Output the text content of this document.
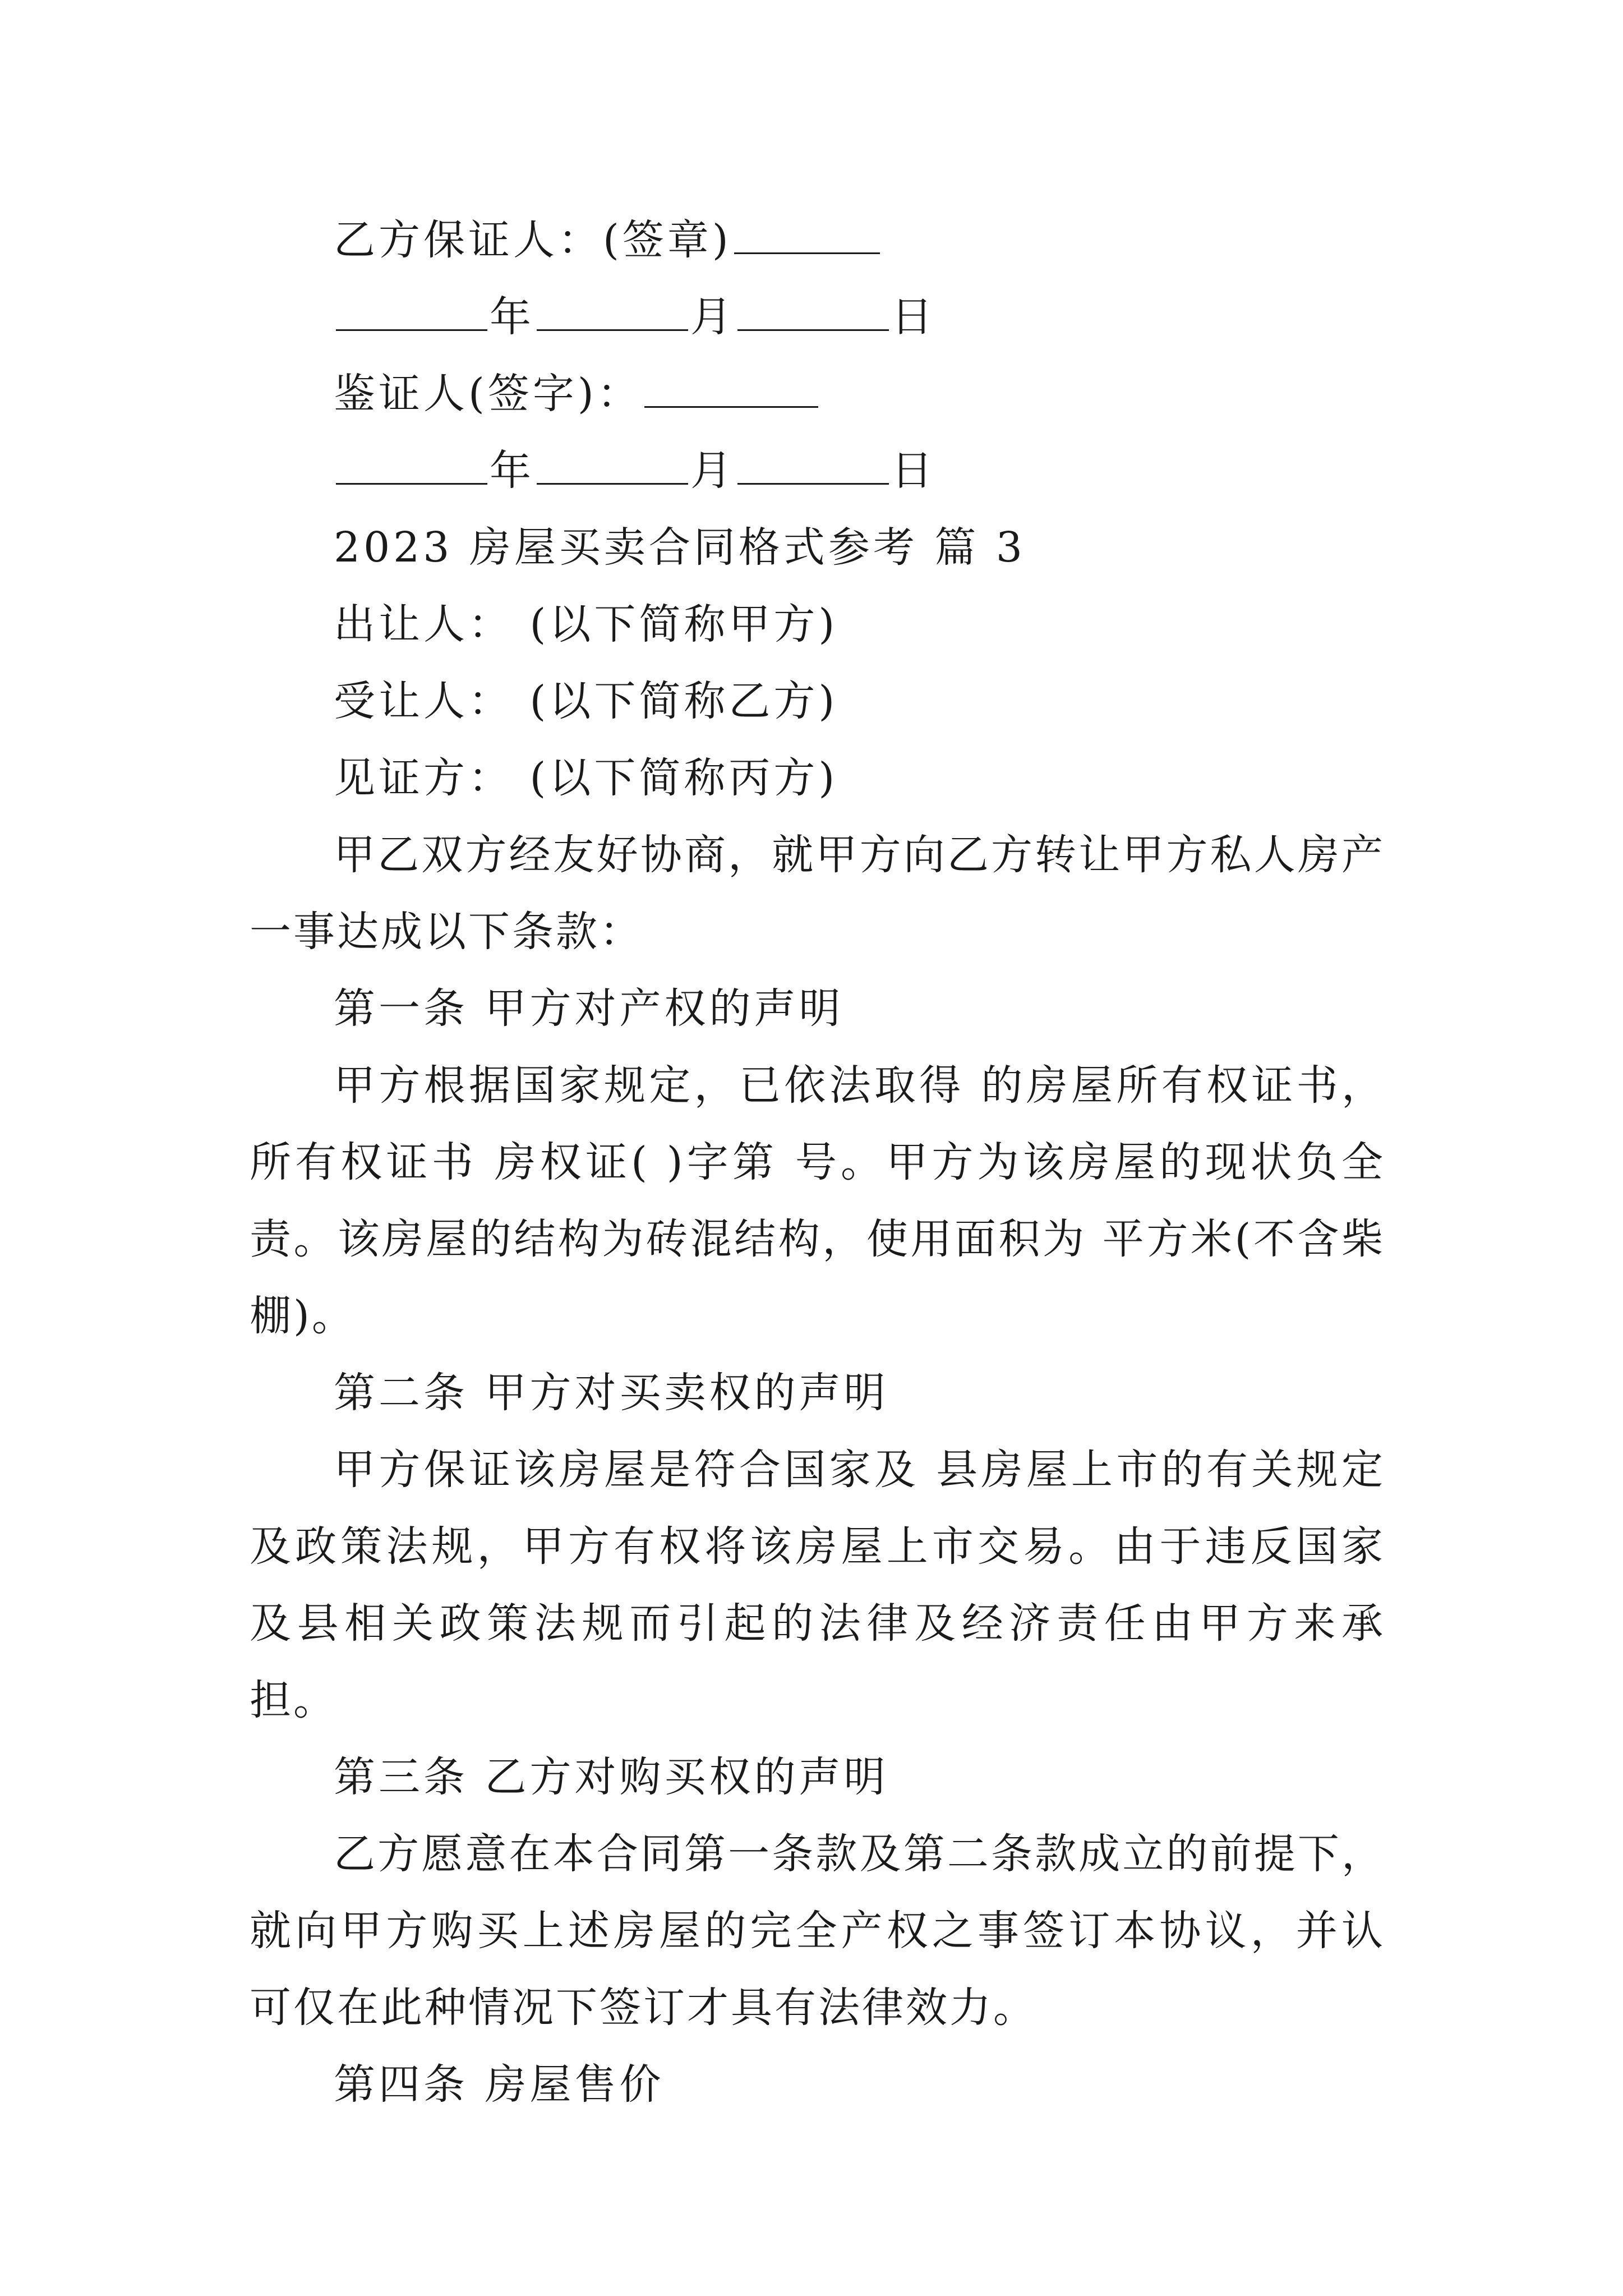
乙方保证人：(签章)
年	月	日
鉴证人(签字)：
年	月	日
2023 房屋买卖合同格式参考 篇 3
出让人： (以下简称甲方)
受让人： (以下简称乙方)
见证方： (以下简称丙方)

甲乙双方经友好协商，就甲方向乙方转让甲方私人房产一事达成以下条款：

第一条 甲方对产权的声明

甲方根据国家规定，已依法取得 的房屋所有权证书，所有权证书 房权证( )字第 号。甲方为该房屋的现状负全责。该房屋的结构为砖混结构，使用面积为 平方米(不含柴棚)。

第二条 甲方对买卖权的声明

甲方保证该房屋是符合国家及 县房屋上市的有关规定及政策法规，甲方有权将该房屋上市交易。由于违反国家及县相关政策法规而引起的法律及经济责任由甲方来承担。

第三条 乙方对购买权的声明

乙方愿意在本合同第一条款及第二条款成立的前提下，就向甲方购买上述房屋的完全产权之事签订本协议，并认可仅在此种情况下签订才具有法律效力。

第四条 房屋售价
